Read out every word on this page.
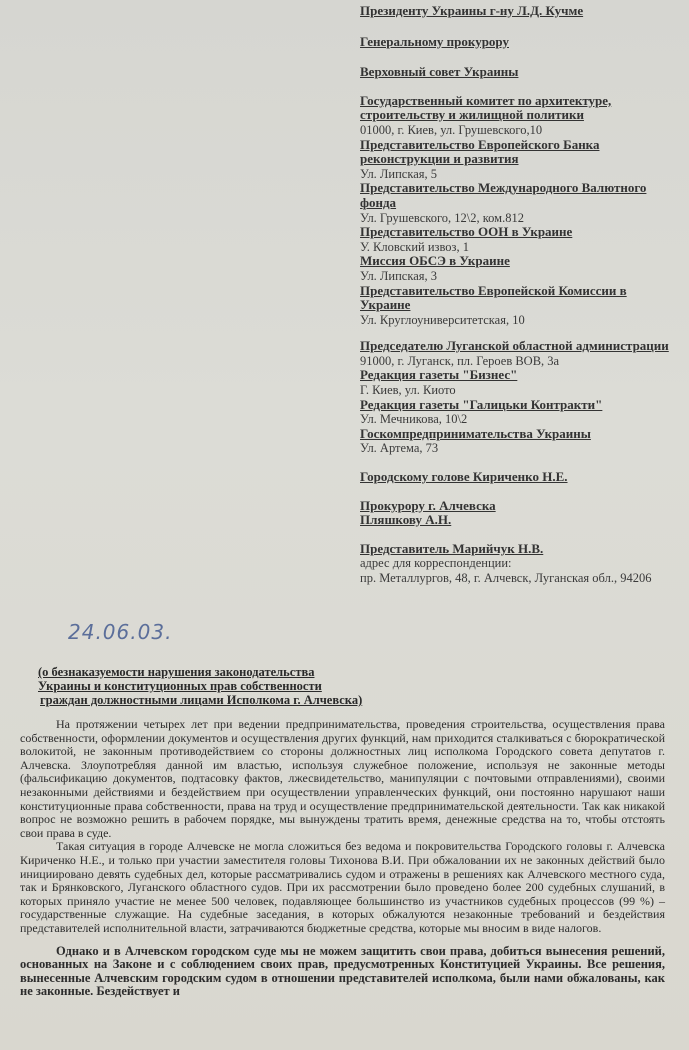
Президенту Украины г-ну Л.Д. Кучме

Генеральному прокурору

Верховный совет Украины

Государственный комитет по архитектуре, строительству и жилищной политики

01000, г. Киев, ул. Грушевского,10

Представительство Европейского Банка реконструкции и развития

Ул. Липская, 5

Представительство Международного Валютного фонда

Ул. Грушевского, 12\2, ком.812

Представительство ООН в Украине

У. Кловский извоз, 1

Миссия ОБСЭ в Украине

Ул. Липская, 3

Представительство Европейской Комиссии в Украине

Ул. Круглоуниверситетская, 10

Председателю Луганской областной администрации

91000, г. Луганск, пл. Героев ВОВ, 3а

Редакция газеты "Бизнес"

Г. Киев, ул. Киото

Редакция газеты "Галицьки Контракти"

Ул. Мечникова, 10\2

Госкомпредпринимательства Украины

Ул. Артема, 73

Городскому голове Кириченко Н.Е.

Прокурору г. Алчевска

Пляшкову А.Н.

Представитель Марийчук Н.В.

адрес для корреспонденции:

пр. Металлургов, 48, г. Алчевск, Луганская обл., 94206

24.06.03.
(о безнаказуемости нарушения законодательства
Украины и конституционных прав собственности
граждан должностными лицами Исполкома г. Алчевска)

На протяжении четырех лет при ведении предпринимательства, проведения строительства, осуществления права собственности, оформлении документов и осуществления других функций, нам приходится сталкиваться с бюрократической волокитой, не законным противодействием со стороны должностных лиц исполкома Городского совета депутатов г. Алчевска. Злоупотребляя данной им властью, используя служебное положение, используя не законные методы (фальсификацию документов, подтасовку фактов, лжесвидетельство, манипуляции с почтовыми отправлениями), своими незаконными действиями и бездействием при осуществлении управленческих функций, они постоянно нарушают наши конституционные права собственности, права на труд и осуществление предпринимательской деятельности. Так как никакой вопрос не возможно решить в рабочем порядке, мы вынуждены тратить время, денежные средства на то, чтобы отстоять свои права в суде.

Такая ситуация в городе Алчевске не могла сложиться без ведома и покровительства Городского головы г. Алчевска Кириченко Н.Е., и только при участии заместителя головы Тихонова В.И. При обжаловании их не законных действий было инициировано девять судебных дел, которые рассматривались судом и отражены в решениях как Алчевского местного суда, так и Брянковского, Луганского областного судов. При их рассмотрении было проведено более 200 судебных слушаний, в которых приняло участие не менее 500 человек, подавляющее большинство из участников судебных процессов (99 %) – государственные служащие. На судебные заседания, в которых обжалуются незаконные требований и бездействия представителей исполнительной власти, затрачиваются бюджетные средства, которые мы вносим в виде налогов.

Однако и в Алчевском городском суде мы не можем защитить свои права, добиться вынесения решений, основанных на Законе и с соблюдением своих прав, предусмотренных Конституцией Украины. Все решения, вынесенные Алчевским городским судом в отношении представителей исполкома, были нами обжалованы, как не законные. Бездействует и
